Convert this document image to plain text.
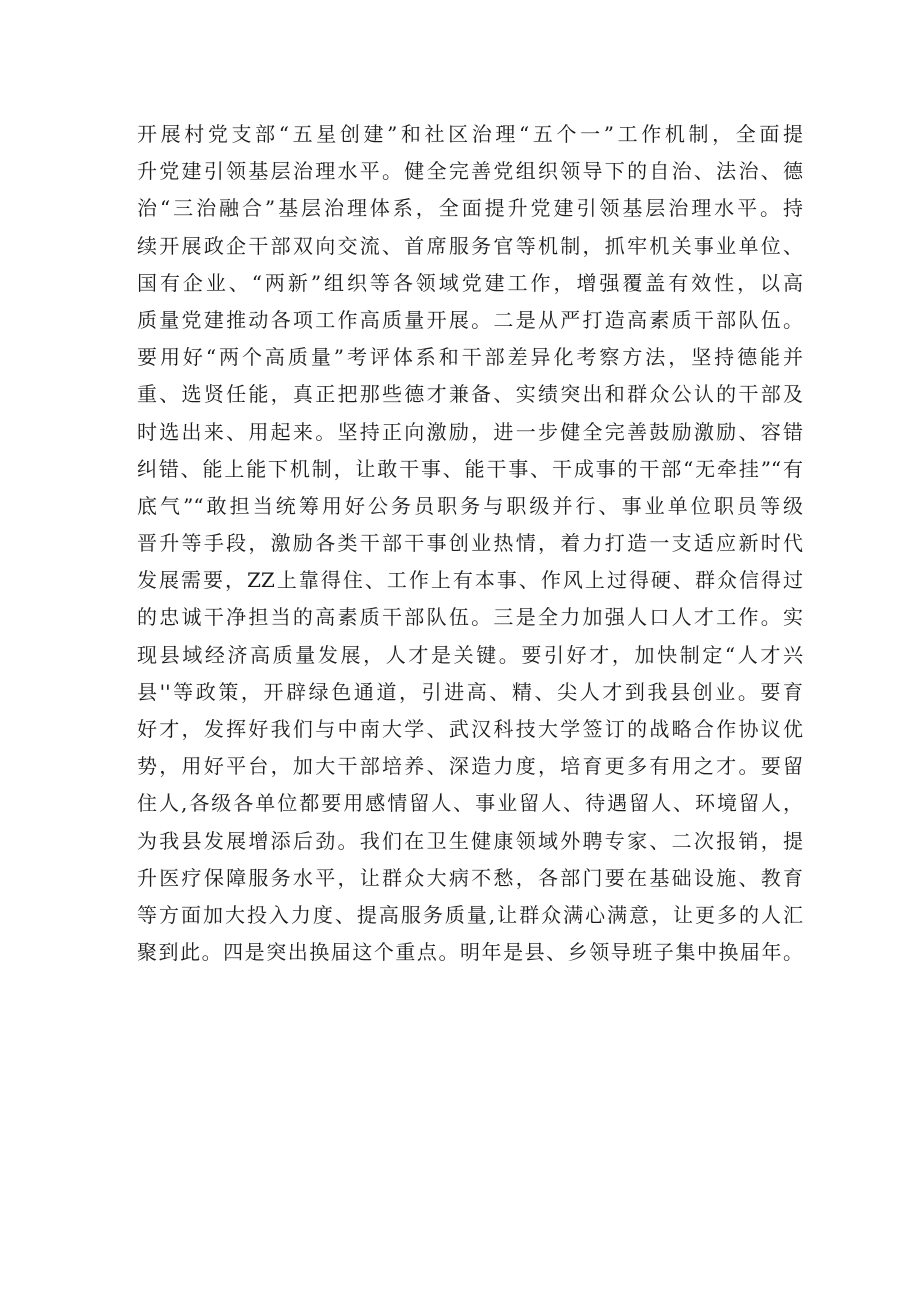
开展村党支部“五星创建”和社区治理“五个一”工作机制，全面提
升党建引领基层治理水平。健全完善党组织领导下的自治、法治、德
治“三治融合”基层治理体系，全面提升党建引领基层治理水平。持
续开展政企干部双向交流、首席服务官等机制，抓牢机关事业单位、
国有企业、“两新”组织等各领域党建工作，增强覆盖有效性，以高
质量党建推动各项工作高质量开展。二是从严打造高素质干部队伍。
要用好“两个高质量”考评体系和干部差异化考察方法，坚持德能并
重、选贤任能，真正把那些德才兼备、实绩突出和群众公认的干部及
时选出来、用起来。坚持正向激励，进一步健全完善鼓励激励、容错
纠错、能上能下机制，让敢干事、能干事、干成事的干部“无牵挂”“有
底气”“敢担当统筹用好公务员职务与职级并行、事业单位职员等级
晋升等手段，激励各类干部干事创业热情，着力打造一支适应新时代
发展需要，ZZ上靠得住、工作上有本事、作风上过得硬、群众信得过
的忠诚干净担当的高素质干部队伍。三是全力加强人口人才工作。实
现县域经济高质量发展，人才是关键。要引好才，加快制定“人才兴
县''等政策，开辟绿色通道，引进高、精、尖人才到我县创业。要育
好才，发挥好我们与中南大学、武汉科技大学签订的战略合作协议优
势，用好平台，加大干部培养、深造力度，培育更多有用之才。要留
住人,各级各单位都要用感情留人、事业留人、待遇留人、环境留人，
为我县发展增添后劲。我们在卫生健康领域外聘专家、二次报销，提
升医疗保障服务水平，让群众大病不愁，各部门要在基础设施、教育
等方面加大投入力度、提高服务质量,让群众满心满意，让更多的人汇
聚到此。四是突出换届这个重点。明年是县、乡领导班子集中换届年。
